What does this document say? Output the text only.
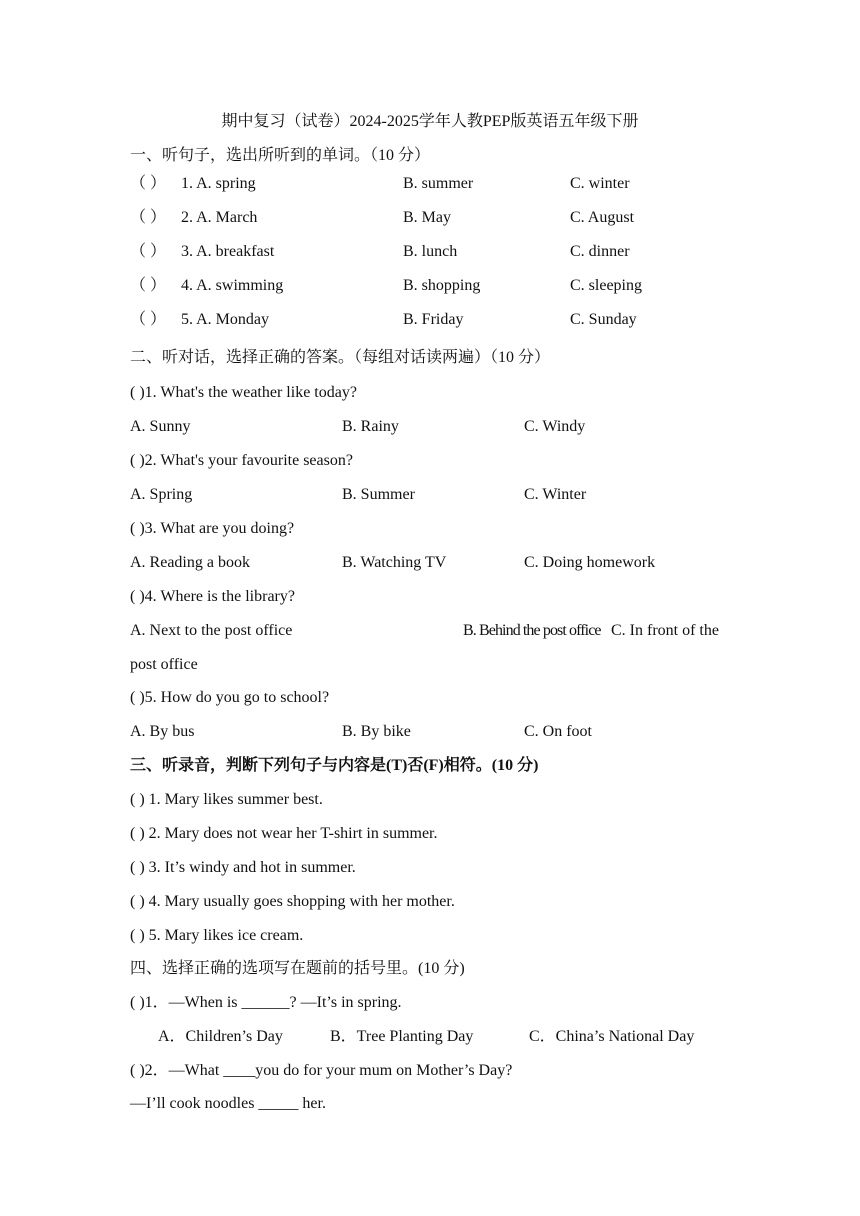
期中复习（试卷）2024-2025学年人教PEP版英语五年级下册
一、听句子，选出所听到的单词。（10 分）
（ ） 1. A. spring	B. summer	C. winter
（ ） 2. A. March	B. May	C. August
（ ） 3. A. breakfast	B. lunch	C. dinner
（ ） 4. A. swimming	B. shopping	C. sleeping
（ ） 5. A. Monday	B. Friday	C. Sunday
二、听对话，选择正确的答案。（每组对话读两遍）（10 分）
( )1. What's the weather like today?
A. Sunny	B. Rainy	C. Windy
( )2. What's your favourite season?
A. Spring	B. Summer	C. Winter
( )3. What are you doing?
A. Reading a book	B. Watching TV	C. Doing homework
( )4. Where is the library?
A. Next to the post office	B. Behind the post office C. In front of the
post office
( )5. How do you go to school?
A. By bus	B. By bike	C. On foot
三、听录音，判断下列句子与内容是(T)否(F)相符。(10 分)
( ) 1. Mary likes summer best.
( ) 2. Mary does not wear her T-shirt in summer.
( ) 3. It’s windy and hot in summer.
( ) 4. Mary usually goes shopping with her mother.
( ) 5. Mary likes ice cream.
四、选择正确的选项写在题前的括号里。(10 分)
( )1．—When is ______? —It’s in spring.
A．Children’s Day	B．Tree Planting Day	C．China’s National Day
( )2．—What ____you do for your mum on Mother’s Day?
—I’ll cook noodles _____ her.
